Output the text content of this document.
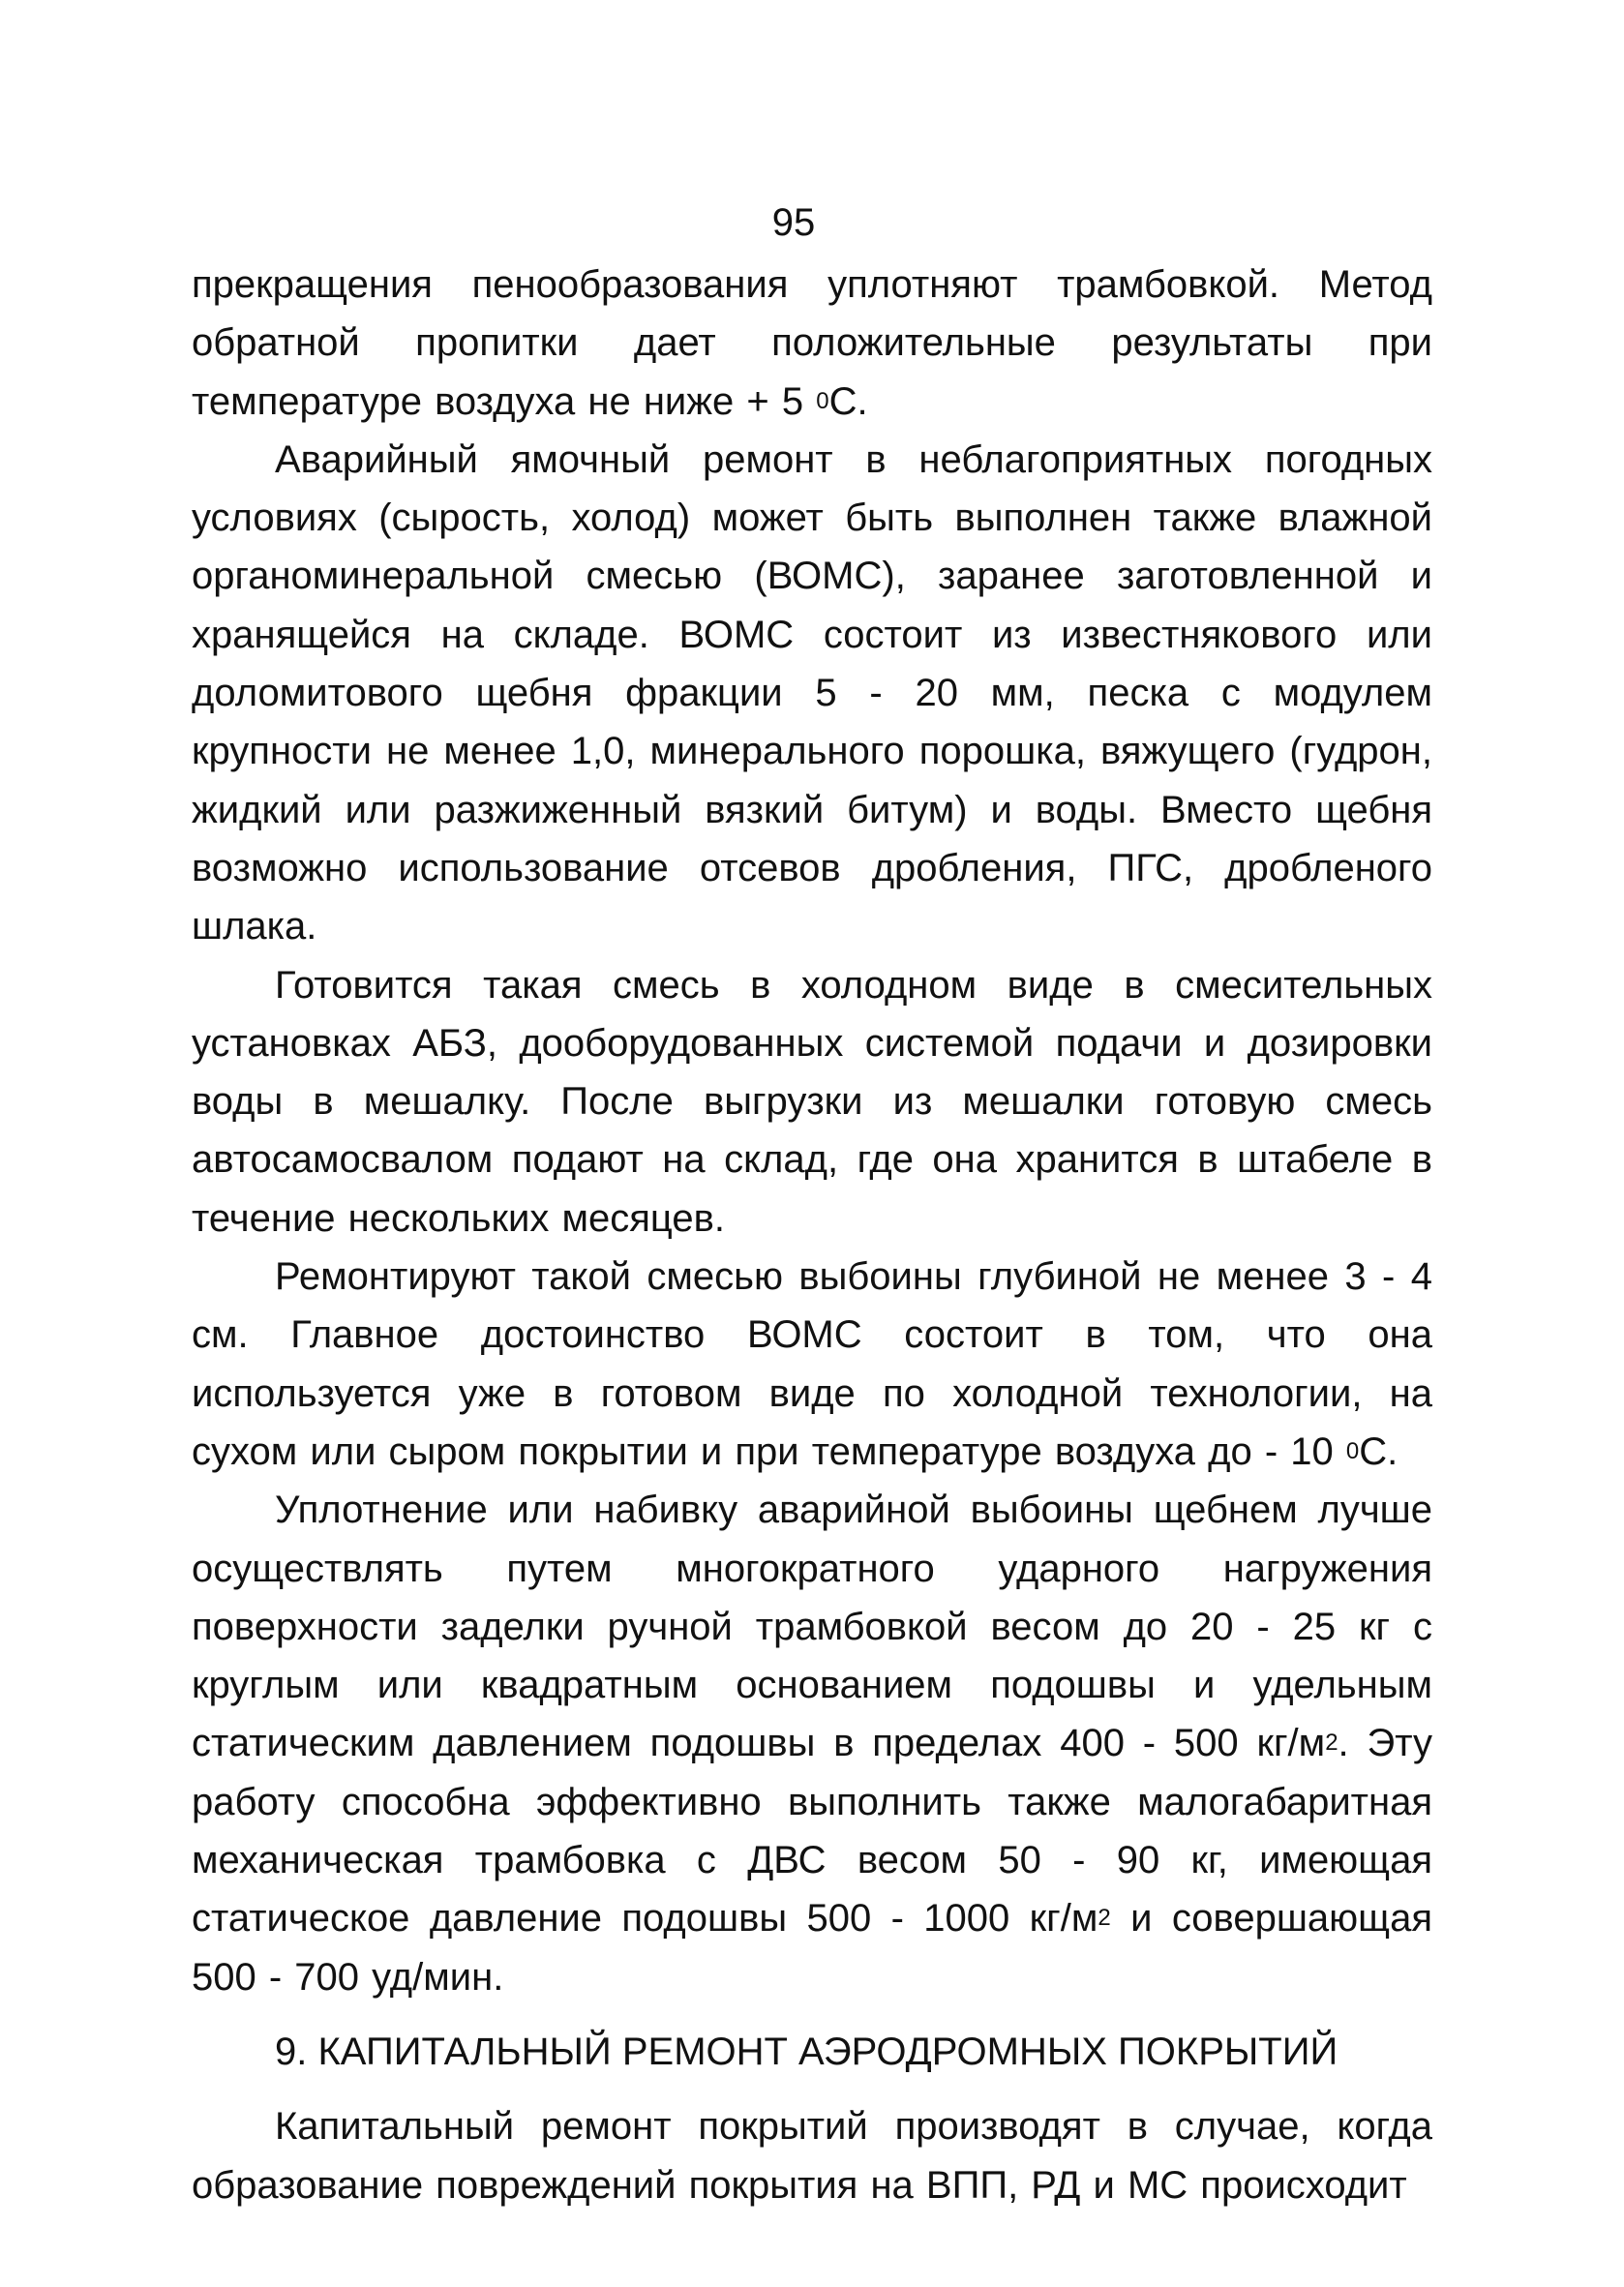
95

прекращения пенообразования уплотняют трамбовкой. Метод обратной пропитки дает положительные результаты при температуре воздуха не ниже + 5 $^0$С.

Аварийный ямочный ремонт в неблагоприятных погодных условиях (сырость, холод) может быть выполнен также влажной органоминеральной смесью (ВОМС), заранее заготовленной и хранящейся на складе. ВОМС состоит из известнякового или доломитового щебня фракции 5 - 20 мм, песка с модулем крупности не менее 1,0, минерального порошка, вяжущего (гудрон, жидкий или разжиженный вязкий битум) и воды. Вместо щебня возможно использование отсевов дробления, ПГС, дробленого шлака.

Готовится такая смесь в холодном виде в смесительных установках АБЗ, дооборудованных системой подачи и дозировки воды в мешалку. После выгрузки из мешалки готовую смесь автосамосвалом подают на склад, где она хранится в штабеле в течение нескольких месяцев.

Ремонтируют такой смесью выбоины глубиной не менее 3 - 4 см. Главное достоинство ВОМС состоит в том, что она используется уже в готовом виде по холодной технологии, на сухом или сыром покрытии и при температуре воздуха до - 10 $^0$С.

Уплотнение или набивку аварийной выбоины щебнем лучше осуществлять путем многократного ударного нагружения поверхности заделки ручной трамбовкой весом до 20 - 25 кг с круглым или квадратным основанием подошвы и удельным статическим давлением подошвы в пределах 400 - 500 $кг/м^2$. Эту работу способна эффективно выполнить также малогабаритная механическая трамбовка с ДВС весом 50 - 90 кг, имеющая статическое давление подошвы 500 - 1000 $кг/м^2$ и совершающая 500 - 700 уд/мин.

9. КАПИТАЛЬНЫЙ РЕМОНТ АЭРОДРОМНЫХ ПОКРЫТИЙ

Капитальный ремонт покрытий производят в случае, когда образование повреждений покрытия на ВПП, РД и МС происходит
